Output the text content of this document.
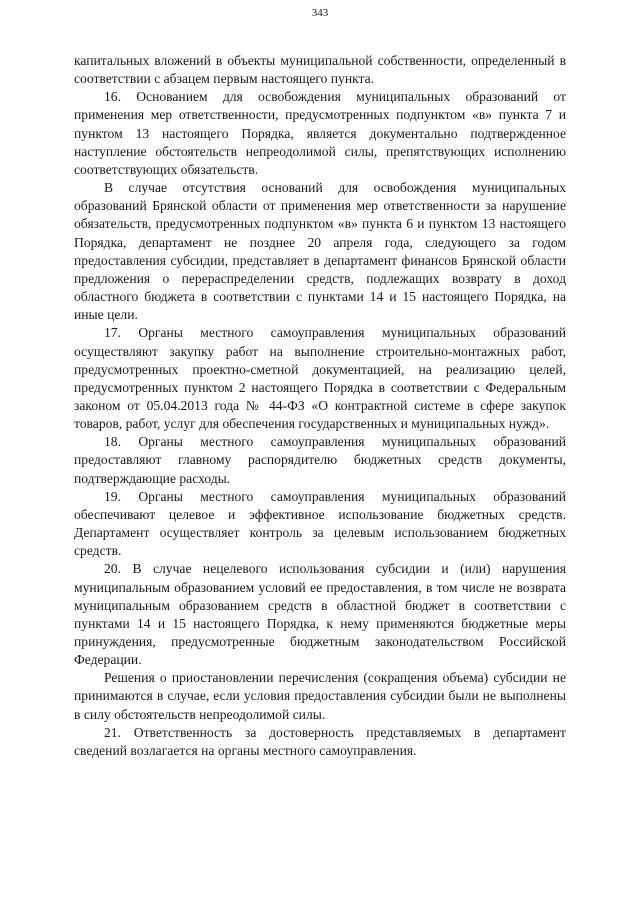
343

капитальных вложений в объекты муниципальной собственности, определенный в соответствии с абзацем первым настоящего пункта.

16. Основанием для освобождения муниципальных образований от применения мер ответственности, предусмотренных подпунктом «в» пункта 7 и пунктом 13 настоящего Порядка, является документально подтвержденное наступление обстоятельств непреодолимой силы, препятствующих исполнению соответствующих обязательств.

В случае отсутствия оснований для освобождения муниципальных образований Брянской области от применения мер ответственности за нарушение обязательств, предусмотренных подпунктом «в» пункта 6 и пунктом 13 настоящего Порядка, департамент не позднее 20 апреля года, следующего за годом предоставления субсидии, представляет в департамент финансов Брянской области предложения о перераспределении средств, подлежащих возврату в доход областного бюджета в соответствии с пунктами 14 и 15 настоящего Порядка, на иные цели.

17. Органы местного самоуправления муниципальных образований осуществляют закупку работ на выполнение строительно-монтажных работ, предусмотренных проектно-сметной документацией, на реализацию целей, предусмотренных пунктом 2 настоящего Порядка в соответствии с Федеральным законом от 05.04.2013 года № 44-ФЗ «О контрактной системе в сфере закупок товаров, работ, услуг для обеспечения государственных и муниципальных нужд».

18. Органы местного самоуправления муниципальных образований предоставляют главному распорядителю бюджетных средств документы, подтверждающие расходы.

19. Органы местного самоуправления муниципальных образований обеспечивают целевое и эффективное использование бюджетных средств. Департамент осуществляет контроль за целевым использованием бюджетных средств.

20. В случае нецелевого использования субсидии и (или) нарушения муниципальным образованием условий ее предоставления, в том числе не возврата муниципальным образованием средств в областной бюджет в соответствии с пунктами 14 и 15 настоящего Порядка, к нему применяются бюджетные меры принуждения, предусмотренные бюджетным законодательством Российской Федерации.

Решения о приостановлении перечисления (сокращения объема) субсидии не принимаются в случае, если условия предоставления субсидии были не выполнены в силу обстоятельств непреодолимой силы.

21. Ответственность за достоверность представляемых в департамент сведений возлагается на органы местного самоуправления.
